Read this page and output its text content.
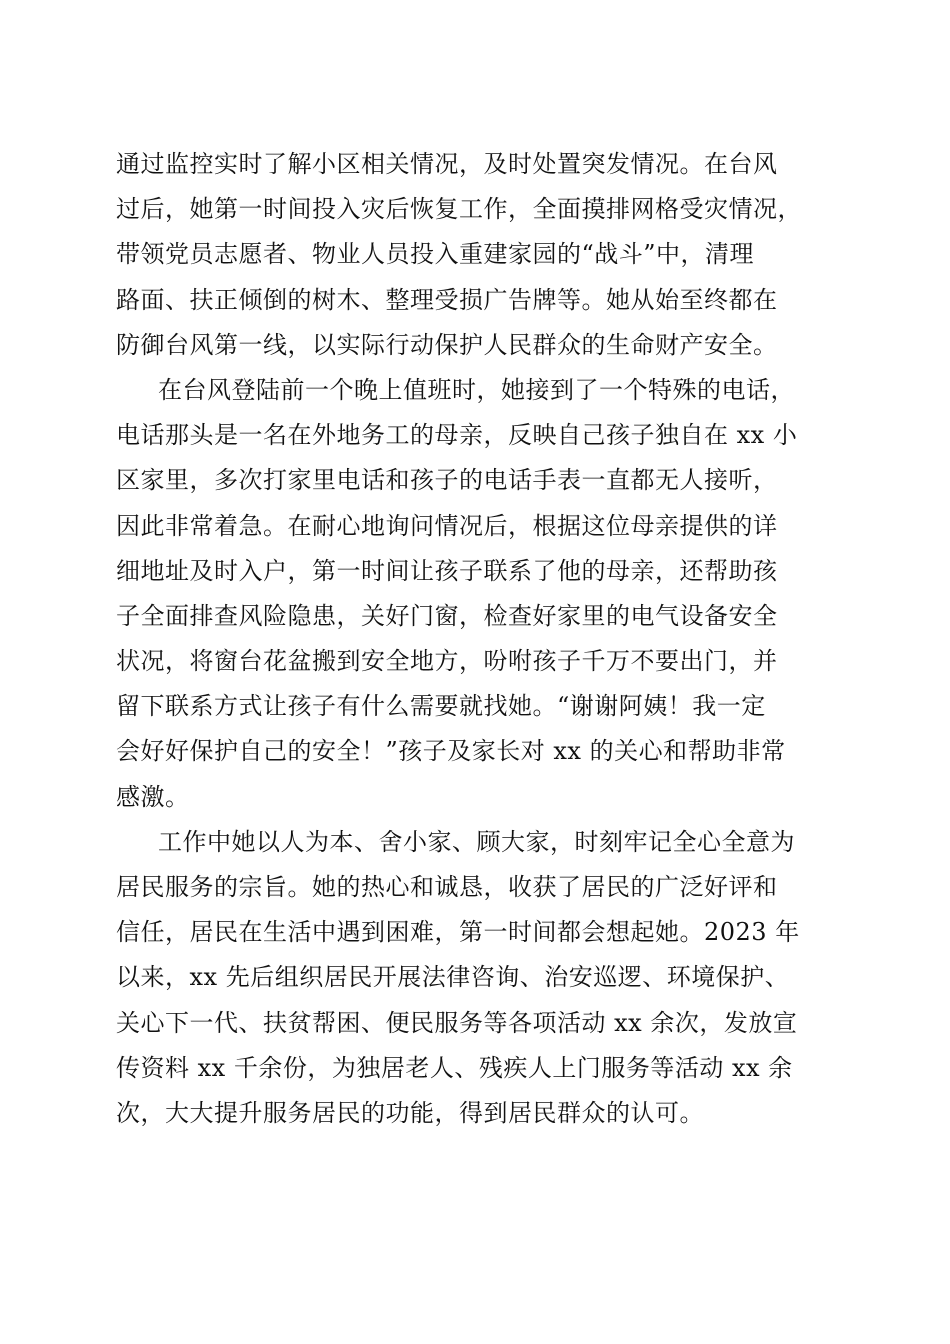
通过监控实时了解小区相关情况，及时处置突发情况。在台风
过后，她第一时间投入灾后恢复工作，全面摸排网格受灾情况，
带领党员志愿者、物业人员投入重建家园的“战斗”中，清理
路面、扶正倾倒的树木、整理受损广告牌等。她从始至终都在
防御台风第一线，以实际行动保护人民群众的生命财产安全。
在台风登陆前一个晚上值班时，她接到了一个特殊的电话，
电话那头是一名在外地务工的母亲，反映自己孩子独自在 xx 小
区家里，多次打家里电话和孩子的电话手表一直都无人接听，
因此非常着急。在耐心地询问情况后，根据这位母亲提供的详
细地址及时入户，第一时间让孩子联系了他的母亲，还帮助孩
子全面排查风险隐患，关好门窗，检查好家里的电气设备安全
状况，将窗台花盆搬到安全地方，吩咐孩子千万不要出门，并
留下联系方式让孩子有什么需要就找她。“谢谢阿姨！我一定
会好好保护自己的安全！”孩子及家长对 xx 的关心和帮助非常
感激。
工作中她以人为本、舍小家、顾大家，时刻牢记全心全意为
居民服务的宗旨。她的热心和诚恳，收获了居民的广泛好评和
信任，居民在生活中遇到困难，第一时间都会想起她。2023 年
以来，xx 先后组织居民开展法律咨询、治安巡逻、环境保护、
关心下一代、扶贫帮困、便民服务等各项活动 xx 余次，发放宣
传资料 xx 千余份，为独居老人、残疾人上门服务等活动 xx 余
次，大大提升服务居民的功能，得到居民群众的认可。
